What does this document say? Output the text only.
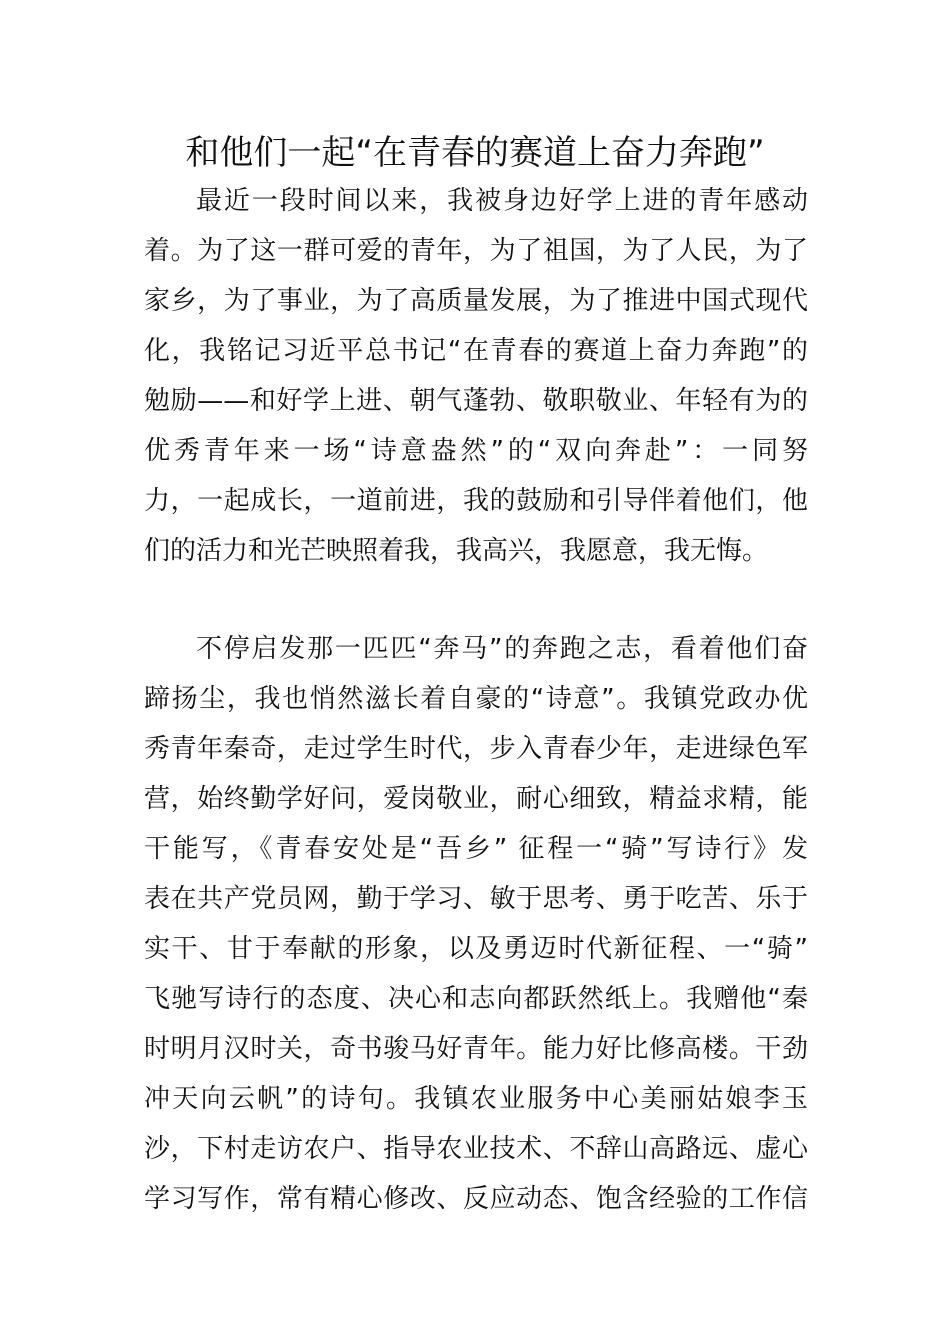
和他们一起“在青春的赛道上奋力奔跑”
最近一段时间以来，我被身边好学上进的青年感动
着。为了这一群可爱的青年，为了祖国，为了人民，为了
家乡，为了事业，为了高质量发展，为了推进中国式现代
化，我铭记习近平总书记“在青春的赛道上奋力奔跑”的
勉励——和好学上进、朝气蓬勃、敬职敬业、年轻有为的
优秀青年来一场“诗意盎然”的“双向奔赴”：一同努
力，一起成长，一道前进，我的鼓励和引导伴着他们，他
们的活力和光芒映照着我，我高兴，我愿意，我无悔。
不停启发那一匹匹“奔马”的奔跑之志，看着他们奋
蹄扬尘，我也悄然滋长着自豪的“诗意”。我镇党政办优
秀青年秦奇，走过学生时代，步入青春少年，走进绿色军
营，始终勤学好问，爱岗敬业，耐心细致，精益求精，能
干能写，《青春安处是“吾乡” 征程一“骑”写诗行》发
表在共产党员网，勤于学习、敏于思考、勇于吃苦、乐于
实干、甘于奉献的形象，以及勇迈时代新征程、一“骑”
飞驰写诗行的态度、决心和志向都跃然纸上。我赠他“秦
时明月汉时关，奇书骏马好青年。能力好比修高楼。干劲
冲天向云帆”的诗句。我镇农业服务中心美丽姑娘李玉
沙，下村走访农户、指导农业技术、不辞山高路远、虚心
学习写作，常有精心修改、反应动态、饱含经验的工作信
